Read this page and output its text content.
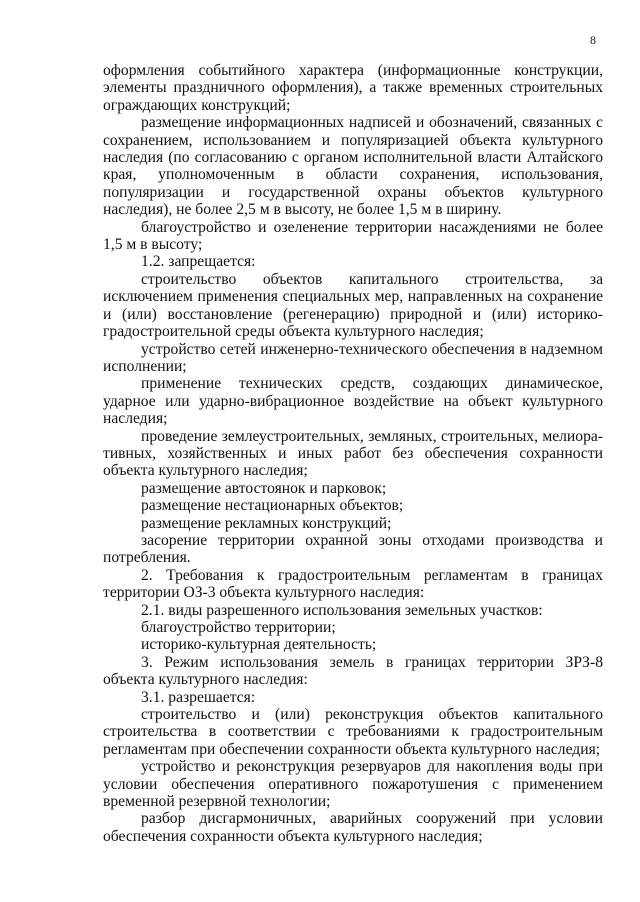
8

оформления событийного характера (информационные конструкции, элементы праздничного оформления), а также временных строительных ограждающих конструкций;

размещение информационных надписей и обозначений, связанных с сохранением, использованием и популяризацией объекта культурного наследия (по согласованию с органом исполнительной власти Алтайского края, уполномоченным в области сохранения, использования, популяризации и государственной охраны объектов культурного наследия), не более 2,5 м в высоту, не более 1,5 м в ширину.

благоустройство и озеленение территории насаждениями не более 1,5 м в высоту;

1.2. запрещается:

строительство объектов капитального строительства, за исключением применения специальных мер, направленных на сохранение и (или) восстановление (регенерацию) природной и (или) историко-градостроительной среды объекта культурного наследия;

устройство сетей инженерно-технического обеспечения в надземном исполнении;

применение технических средств, создающих динамическое, ударное или ударно-вибрационное воздействие на объект культурного наследия;

проведение землеустроительных, земляных, строительных, мелиоративных, хозяйственных и иных работ без обеспечения сохранности объекта культурного наследия;

размещение автостоянок и парковок;

размещение нестационарных объектов;

размещение рекламных конструкций;

засорение территории охранной зоны отходами производства и потребления.

2. Требования к градостроительным регламентам в границах территории ОЗ-3 объекта культурного наследия:

2.1. виды разрешенного использования земельных участков:

благоустройство территории;

историко-культурная деятельность;

3. Режим использования земель в границах территории ЗРЗ-8 объекта культурного наследия:

3.1. разрешается:

строительство и (или) реконструкция объектов капитального строительства в соответствии с требованиями к градостроительным регламентам при обеспечении сохранности объекта культурного наследия;

устройство и реконструкция резервуаров для накопления воды при условии обеспечения оперативного пожаротушения с применением временной резервной технологии;

разбор дисгармоничных, аварийных сооружений при условии обеспечения сохранности объекта культурного наследия;
